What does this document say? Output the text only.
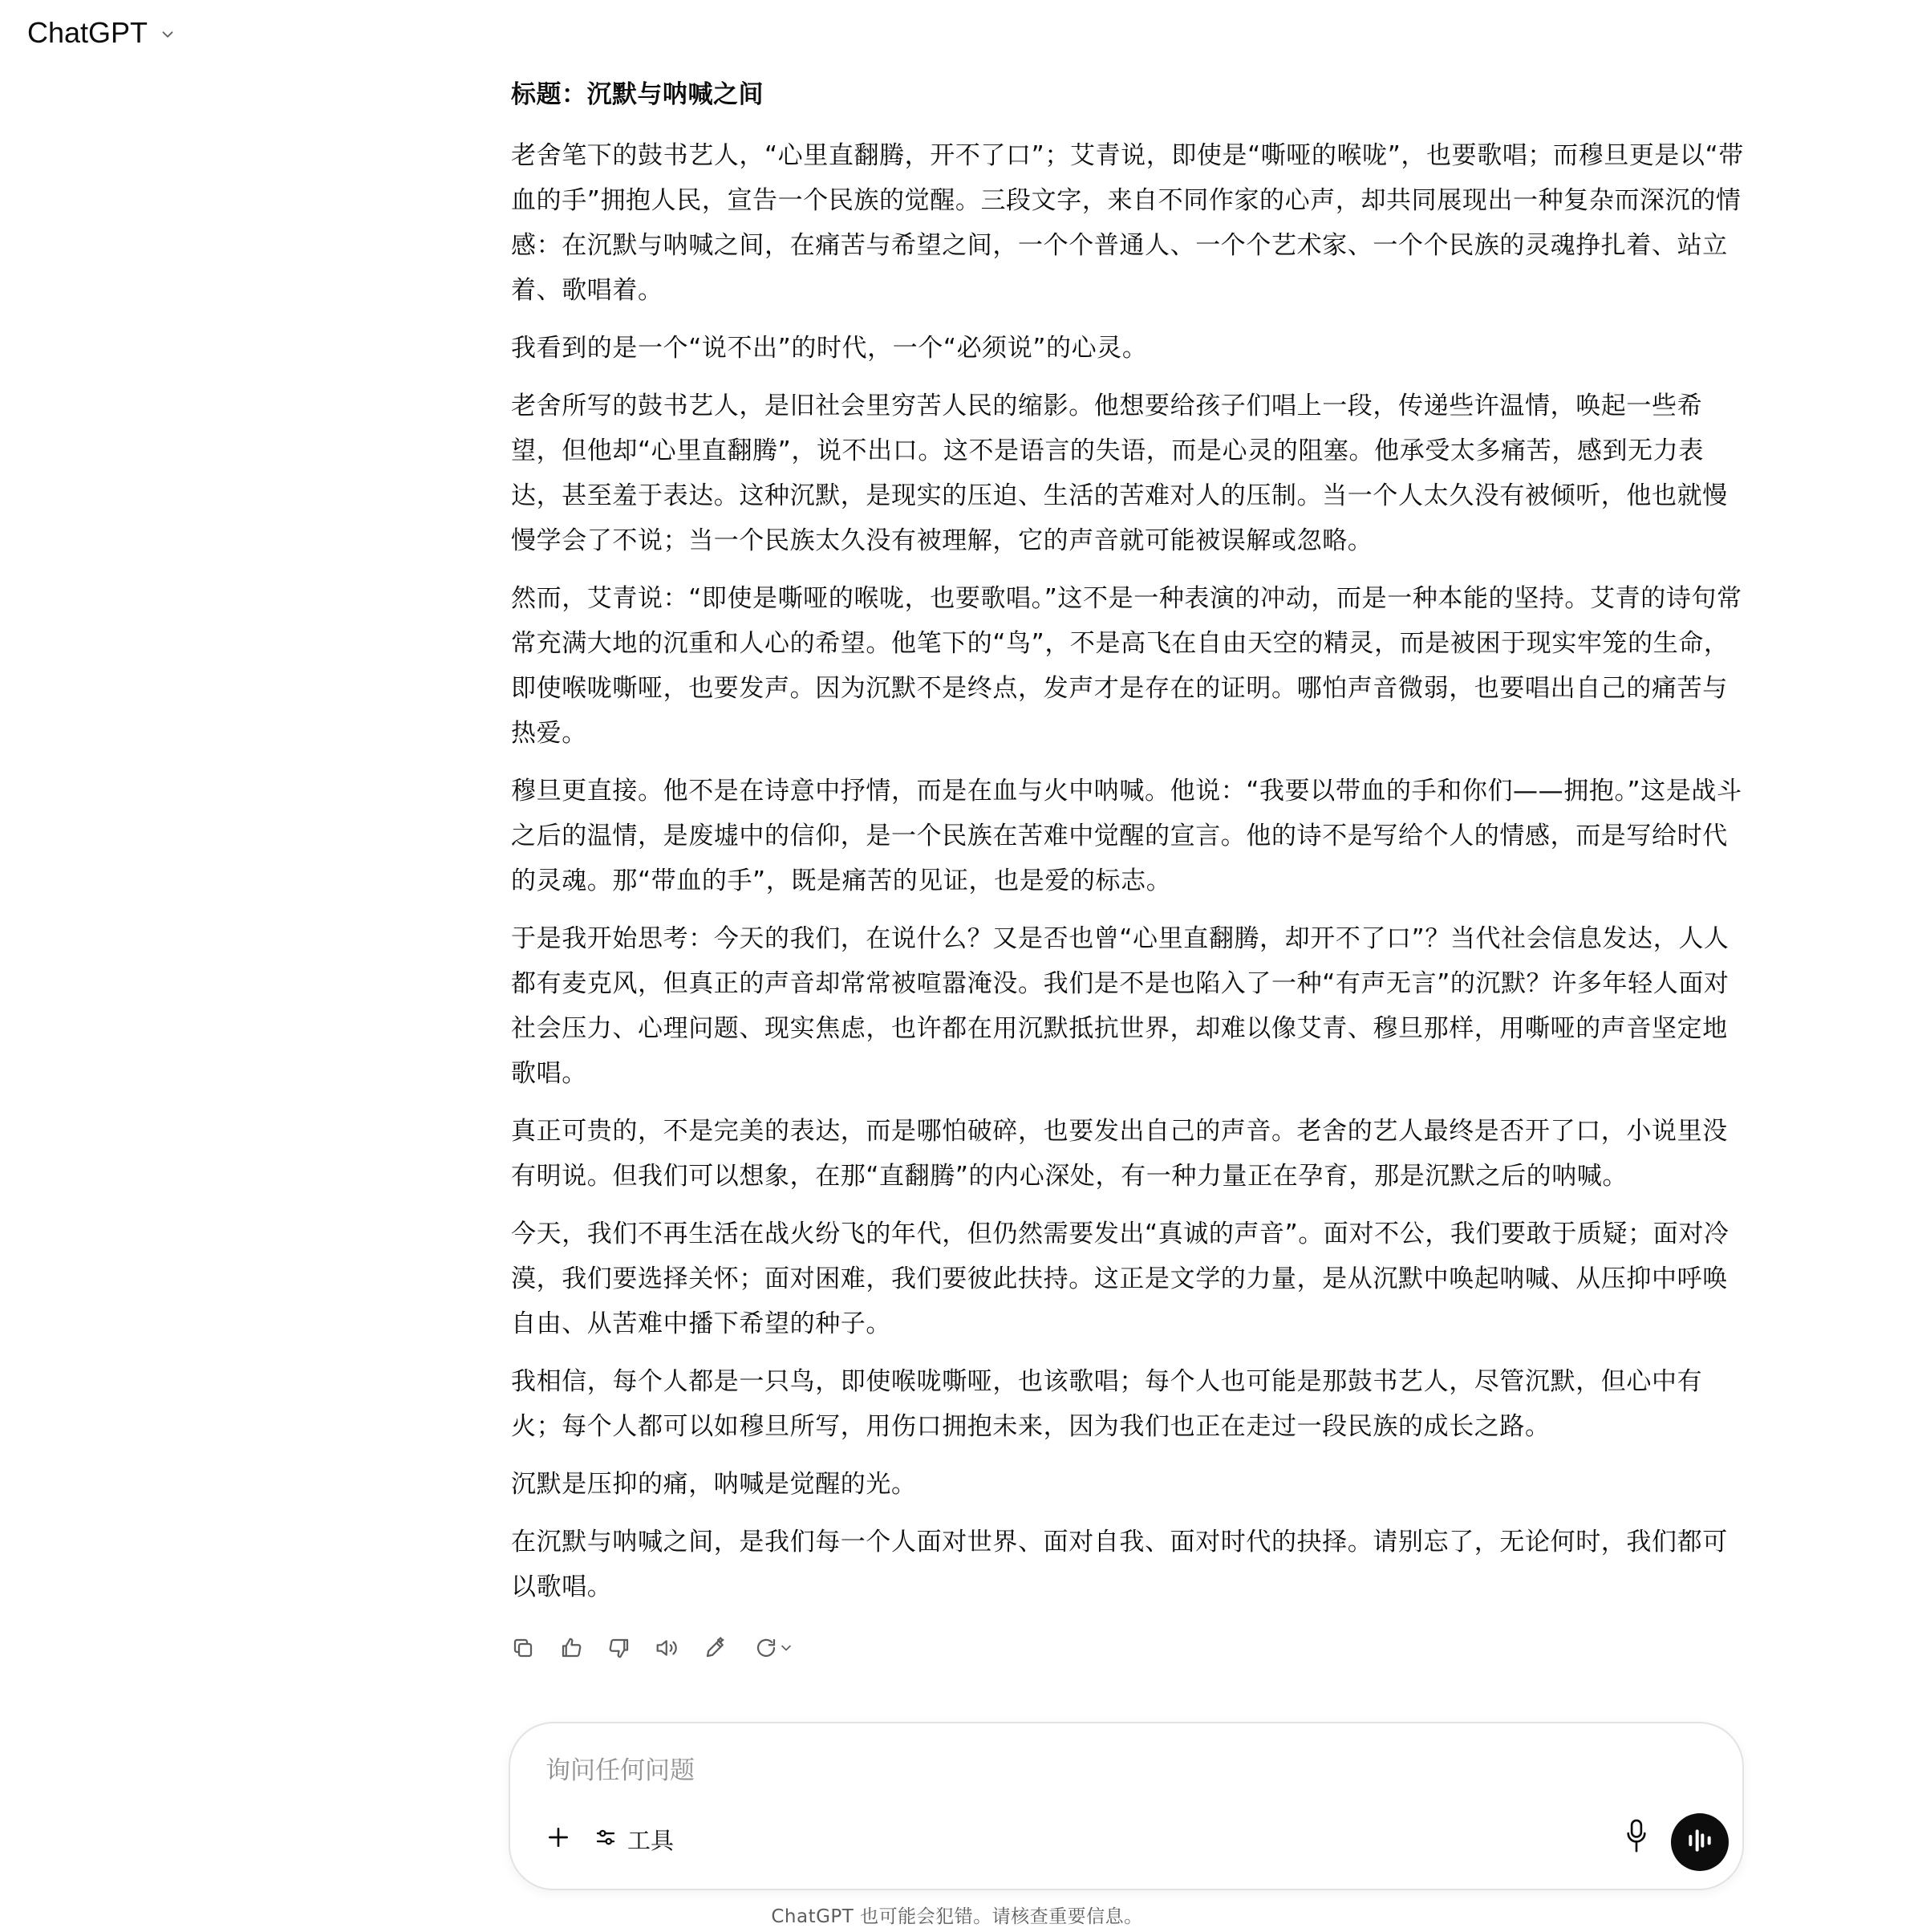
ChatGPT
标题：沉默与呐喊之间

老舍笔下的鼓书艺人，“心里直翻腾，开不了口”；艾青说，即使是“嘶哑的喉咙”，也要歌唱；而穆旦更是以“带血的手”拥抱人民，宣告一个民族的觉醒。三段文字，来自不同作家的心声，却共同展现出一种复杂而深沉的情感：在沉默与呐喊之间，在痛苦与希望之间，一个个普通人、一个个艺术家、一个个民族的灵魂挣扎着、站立着、歌唱着。

我看到的是一个“说不出”的时代，一个“必须说”的心灵。

老舍所写的鼓书艺人，是旧社会里穷苦人民的缩影。他想要给孩子们唱上一段，传递些许温情，唤起一些希望，但他却“心里直翻腾”，说不出口。这不是语言的失语，而是心灵的阻塞。他承受太多痛苦，感到无力表达，甚至羞于表达。这种沉默，是现实的压迫、生活的苦难对人的压制。当一个人太久没有被倾听，他也就慢慢学会了不说；当一个民族太久没有被理解，它的声音就可能被误解或忽略。

然而，艾青说：“即使是嘶哑的喉咙，也要歌唱。”这不是一种表演的冲动，而是一种本能的坚持。艾青的诗句常常充满大地的沉重和人心的希望。他笔下的“鸟”，不是高飞在自由天空的精灵，而是被困于现实牢笼的生命，即使喉咙嘶哑，也要发声。因为沉默不是终点，发声才是存在的证明。哪怕声音微弱，也要唱出自己的痛苦与热爱。

穆旦更直接。他不是在诗意中抒情，而是在血与火中呐喊。他说：“我要以带血的手和你们——拥抱。”这是战斗之后的温情，是废墟中的信仰，是一个民族在苦难中觉醒的宣言。他的诗不是写给个人的情感，而是写给时代的灵魂。那“带血的手”，既是痛苦的见证，也是爱的标志。

于是我开始思考：今天的我们，在说什么？又是否也曾“心里直翻腾，却开不了口”？当代社会信息发达，人人都有麦克风，但真正的声音却常常被喧嚣淹没。我们是不是也陷入了一种“有声无言”的沉默？许多年轻人面对社会压力、心理问题、现实焦虑，也许都在用沉默抵抗世界，却难以像艾青、穆旦那样，用嘶哑的声音坚定地歌唱。

真正可贵的，不是完美的表达，而是哪怕破碎，也要发出自己的声音。老舍的艺人最终是否开了口，小说里没有明说。但我们可以想象，在那“直翻腾”的内心深处，有一种力量正在孕育，那是沉默之后的呐喊。

今天，我们不再生活在战火纷飞的年代，但仍然需要发出“真诚的声音”。面对不公，我们要敢于质疑；面对冷漠，我们要选择关怀；面对困难，我们要彼此扶持。这正是文学的力量，是从沉默中唤起呐喊、从压抑中呼唤自由、从苦难中播下希望的种子。

我相信，每个人都是一只鸟，即使喉咙嘶哑，也该歌唱；每个人也可能是那鼓书艺人，尽管沉默，但心中有火；每个人都可以如穆旦所写，用伤口拥抱未来，因为我们也正在走过一段民族的成长之路。

沉默是压抑的痛，呐喊是觉醒的光。

在沉默与呐喊之间，是我们每一个人面对世界、面对自我、面对时代的抉择。请别忘了，无论何时，我们都可以歌唱。

询问任何问题
工具
ChatGPT 也可能会犯错。请核查重要信息。
